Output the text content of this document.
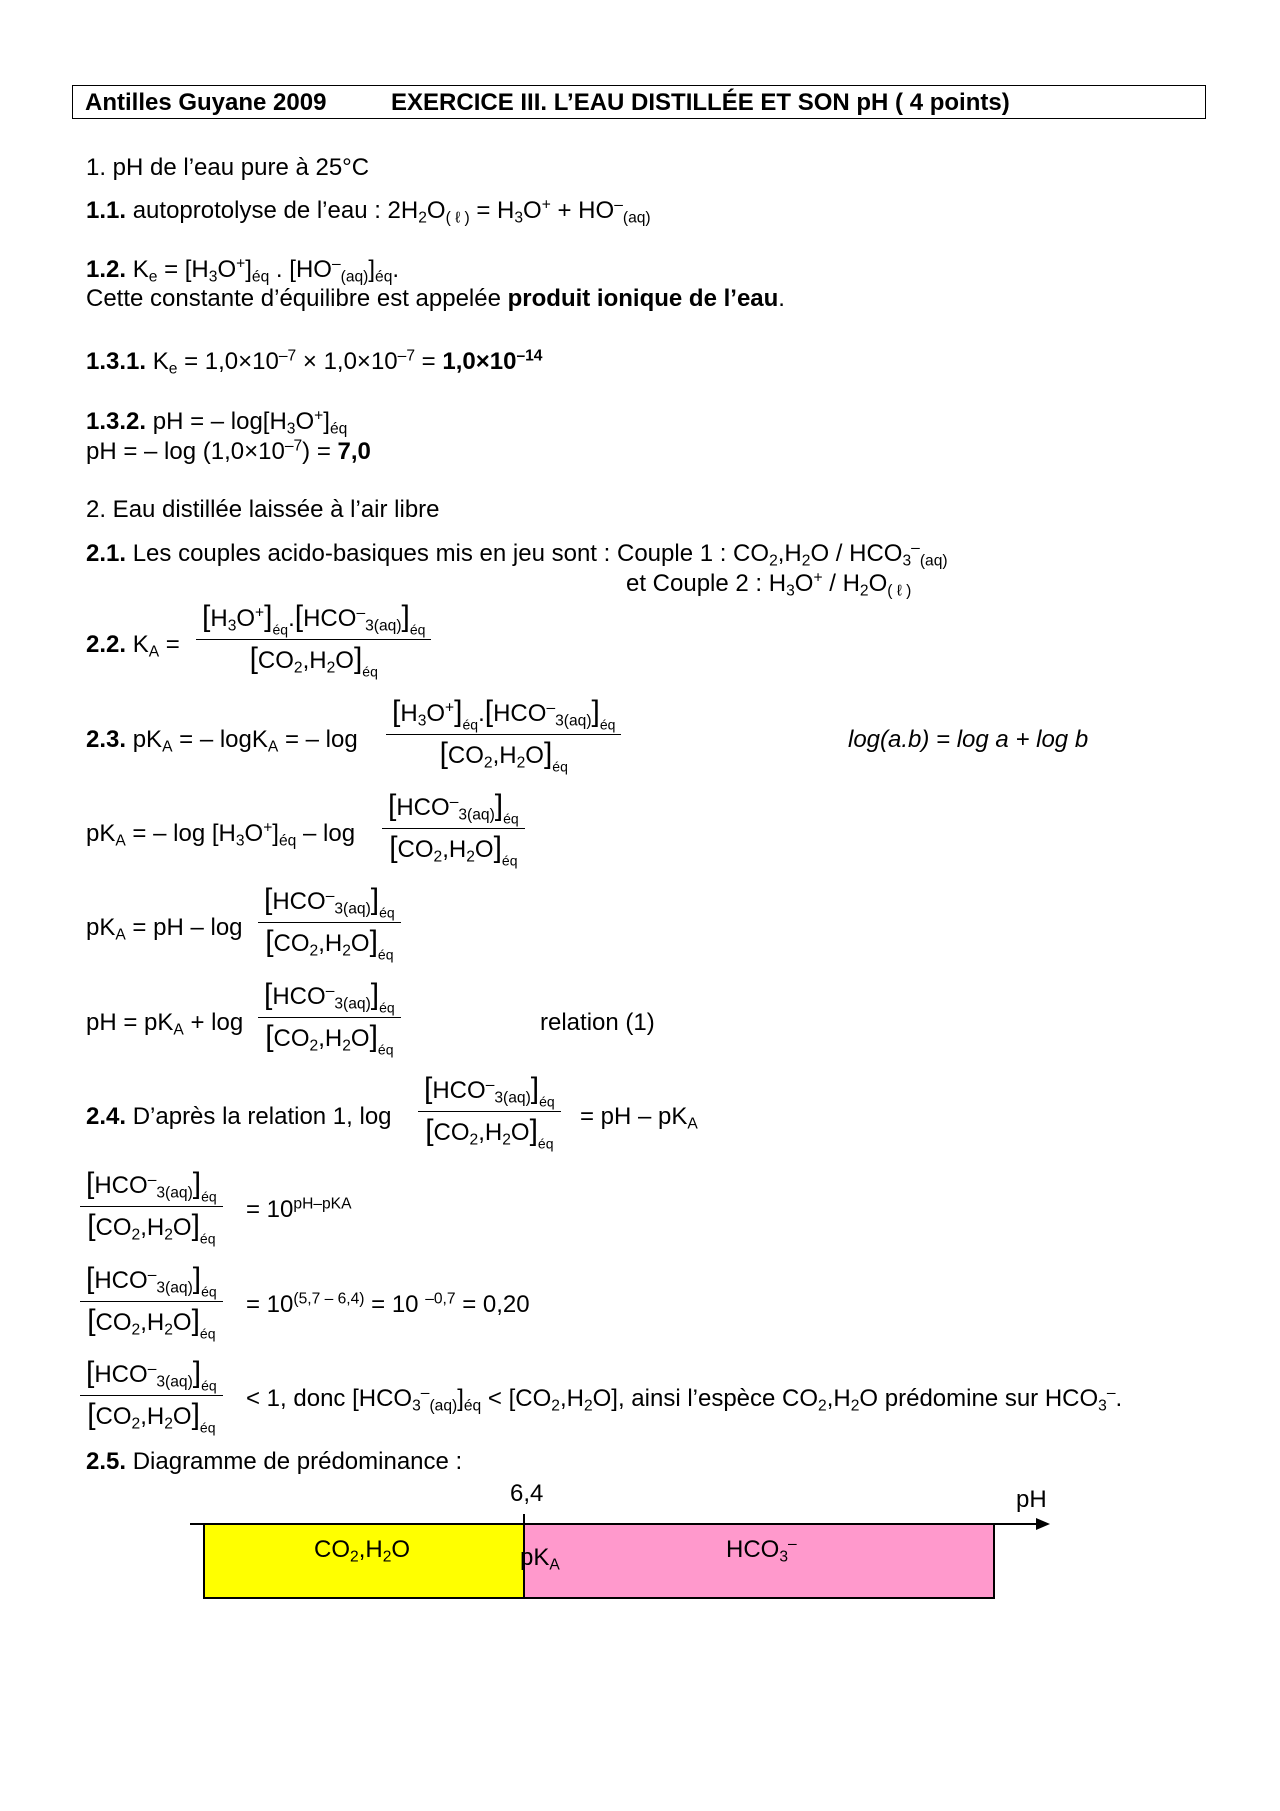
Antilles Guyane 2009	EXERCICE III. L’EAU DISTILLÉE ET SON pH ( 4 points)
1. pH de l’eau pure à 25°C
1.1. autoprotolyse de l’eau : $2H_2O_{( \ell )} = H_3O^+ + HO^-_{(aq)}$
1.2. $K_e = [H_3O^+]_{éq}$ . $[HO^-_{(aq)}]_{éq}$.
Cette constante d’équilibre est appelée produit ionique de l’eau.
1.3.1. $K_e = 1,0\times 10^{-7} \times 1,0\times 10^{-7} = 1,0\times 10^{-14}$
1.3.2. pH = – $\log[H_3O^+]_{éq}$
pH = – $\log (1,0\times 10^{-7}) = 7,0$
2. Eau distillée laissée à l’air libre
2.1. Les couples acido-basiques mis en jeu sont : Couple 1 : $CO_2,H_2O / HCO_3^-_{(aq)}$
et Couple 2 : $H_3O^+ / H_2O_{( \ell )}$
2.2. $K_A$ =
$[H_3O^+]_{éq}.[HCO^-_{3(aq)}]_{éq}$
$[CO_2,H_2O]_{éq}$
2.3. $pK_A$ = – logK$_A$ = – log
$[H_3O^+]_{éq}.[HCO^-_{3(aq)}]_{éq}$
$[CO_2,H_2O]_{éq}$
log(a.b) = log a + log b
$pK_A$ = – $\log [H_3O^+]_{éq}$ – log
$[HCO^-_{3(aq)}]_{éq}$
$[CO_2,H_2O]_{éq}$
$pK_A$ = pH – log
$[HCO^-_{3(aq)}]_{éq}$
$[CO_2,H_2O]_{éq}$
pH = $pK_A + \log$
$[HCO^-_{3(aq)}]_{éq}$
$[CO_2,H_2O]_{éq}$
relation (1)
2.4. D’après la relation 1, log
$[HCO^-_{3(aq)}]_{éq}$
$[CO_2,H_2O]_{éq}$
= pH – $pK_A$
$[HCO^-_{3(aq)}]_{éq}$
$[CO_2,H_2O]_{éq}$
= $10^{pH-pKA}$
$[HCO^-_{3(aq)}]_{éq}$
$[CO_2,H_2O]_{éq}$
= $10^{(5,7 - 6,4)} = 10$ $^{-0,7}$ = 0,20
$[HCO^-_{3(aq)}]_{éq}$
$[CO_2,H_2O]_{éq}$
< 1, donc $[HCO_3^-_{(aq)}]_{éq} < [CO_2,H_2O]$, ainsi l’espèce $CO_2,H_2O$ prédomine sur $HCO_3^-$.
2.5. Diagramme de prédominance :
6,4	pH
$CO_2,H_2O$	$pK_A$
$HCO_3^-$
